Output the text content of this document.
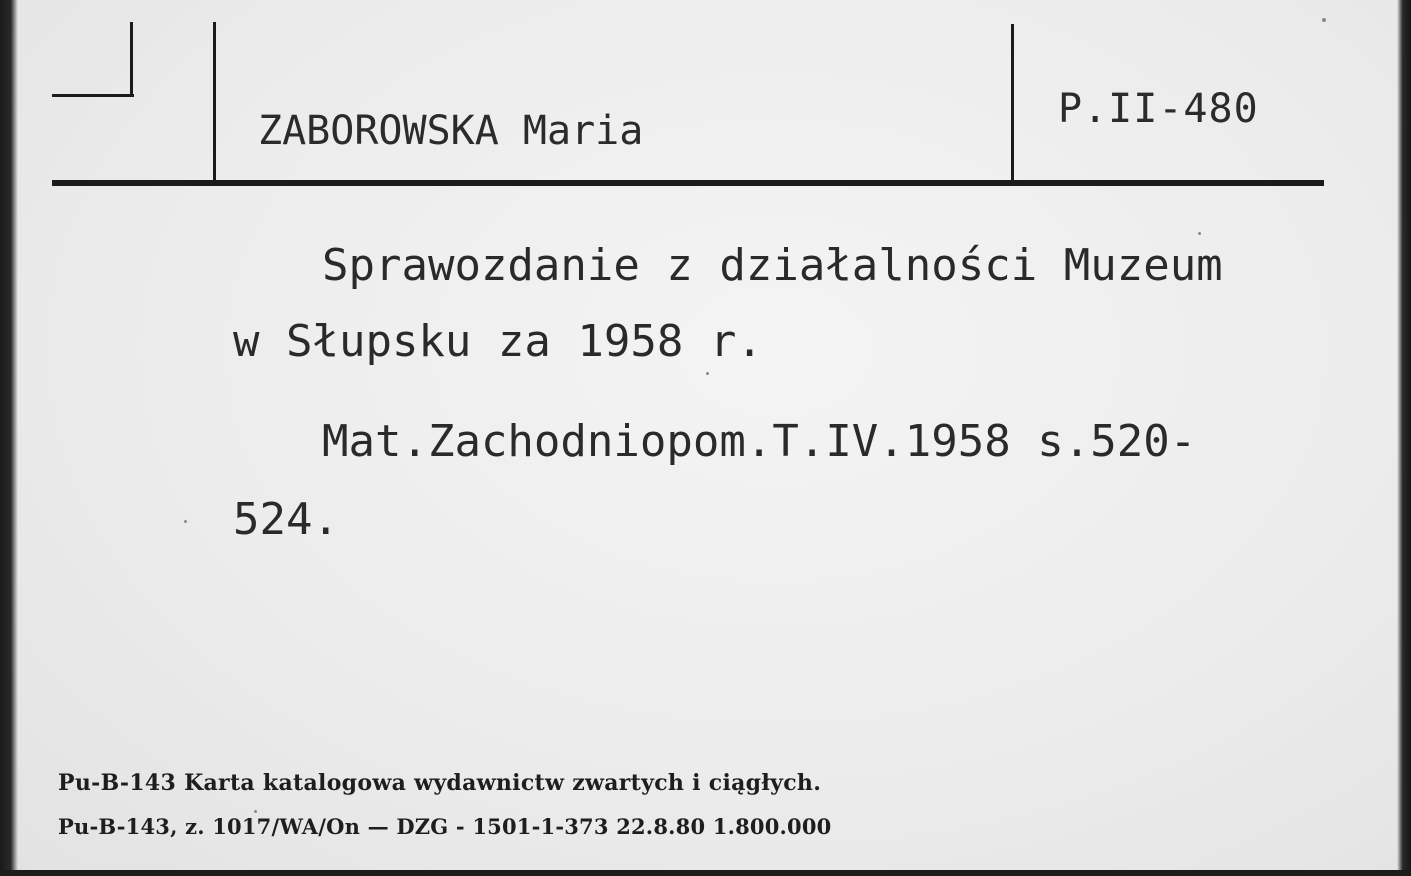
ZABOROWSKA Maria	P.II-480
Sprawozdanie z działalności Muzeum
w Słupsku za 1958 r.
Mat.Zachodniopom.T.IV.1958 s.520-
524.
Pu-B-143 Karta katalogowa wydawnictw zwartych i ciągłych.
Pu-B-143, z. 1017/WA/On — DZG - 1501-1-373 22.8.80 1.800.000
